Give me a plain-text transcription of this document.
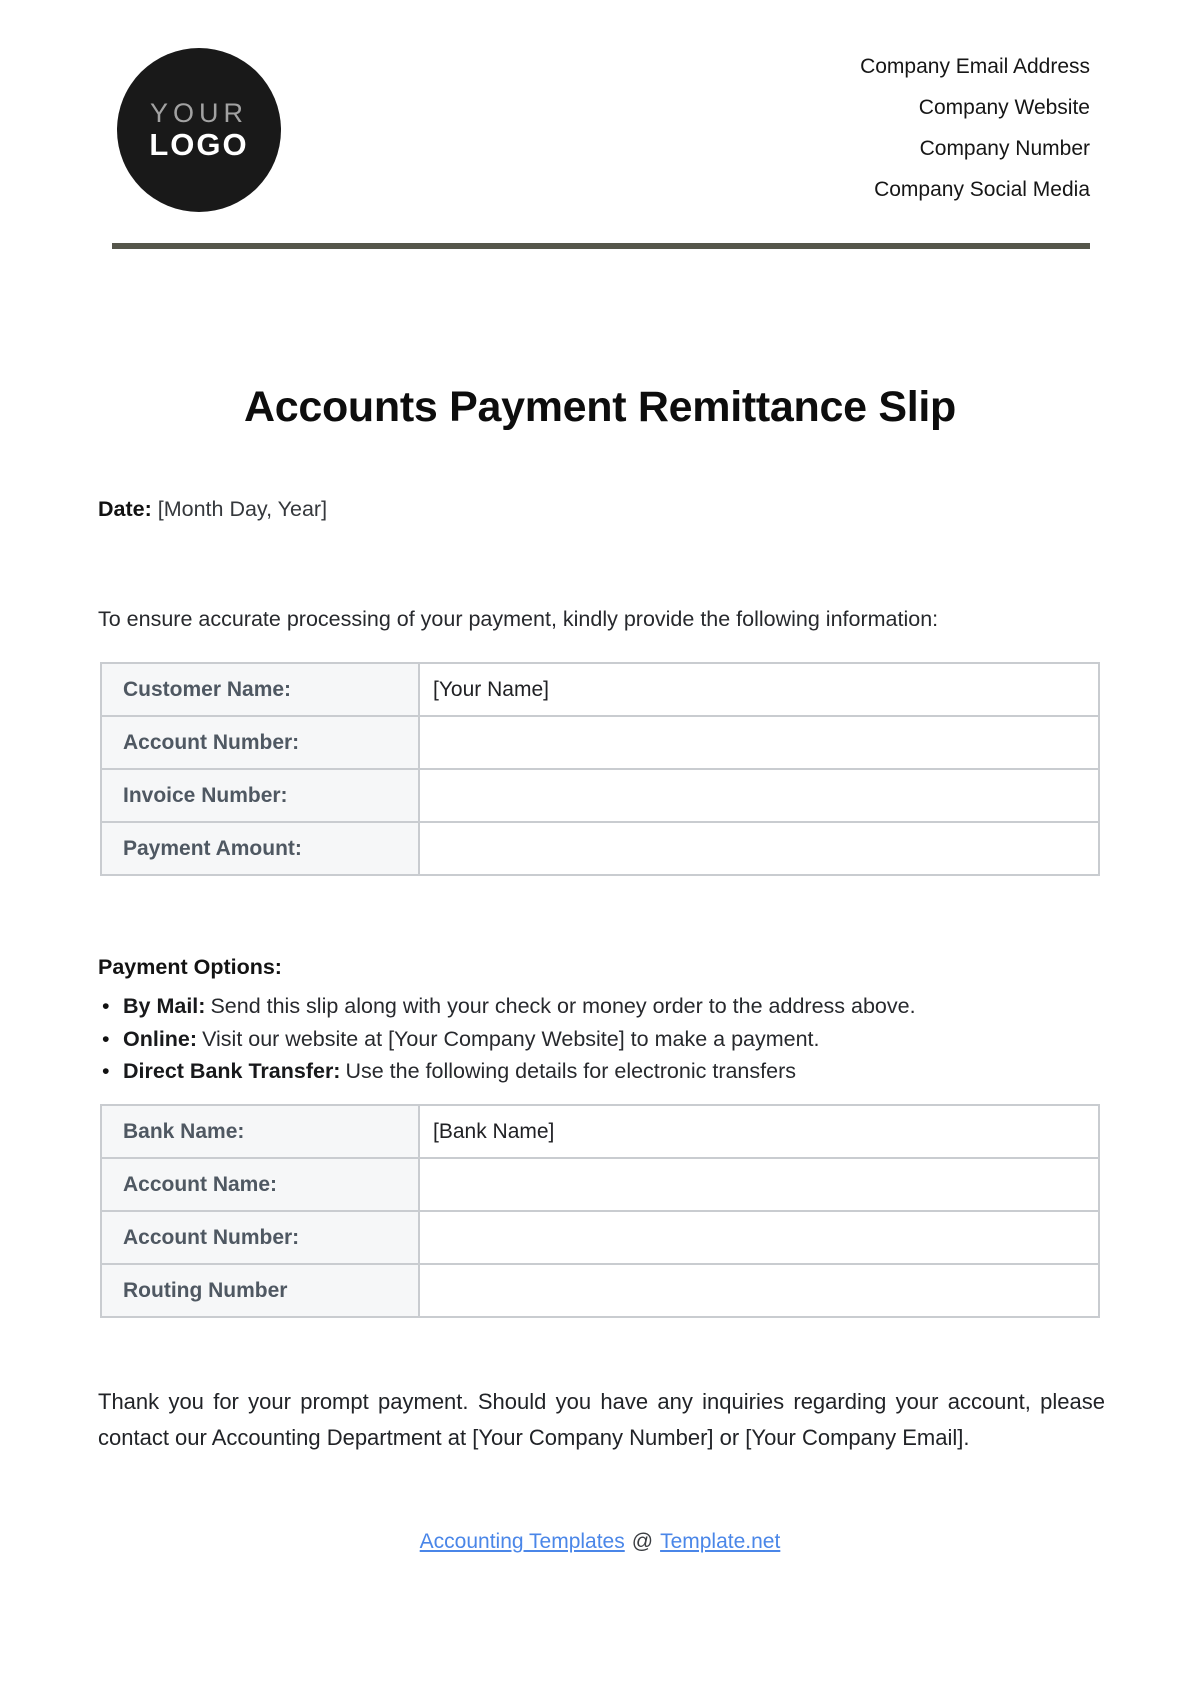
YOUR
LOGO
Company Email Address
Company Website
Company Number
Company Social Media
Accounts Payment Remittance Slip
Date: [Month Day, Year]
To ensure accurate processing of your payment, kindly provide the following information:
Customer Name:	[Your Name]
Account Number:	
Invoice Number:	
Payment Amount:	
Payment Options:
• By Mail: Send this slip along with your check or money order to the address above.
• Online: Visit our website at [Your Company Website] to make a payment.
• Direct Bank Transfer: Use the following details for electronic transfers
Bank Name:	[Bank Name]
Account Name:	
Account Number:	
Routing Number	
Thank you for your prompt payment. Should you have any inquiries regarding your account, please contact our Accounting Department at [Your Company Number] or [Your Company Email].
Accounting Templates @ Template.net
